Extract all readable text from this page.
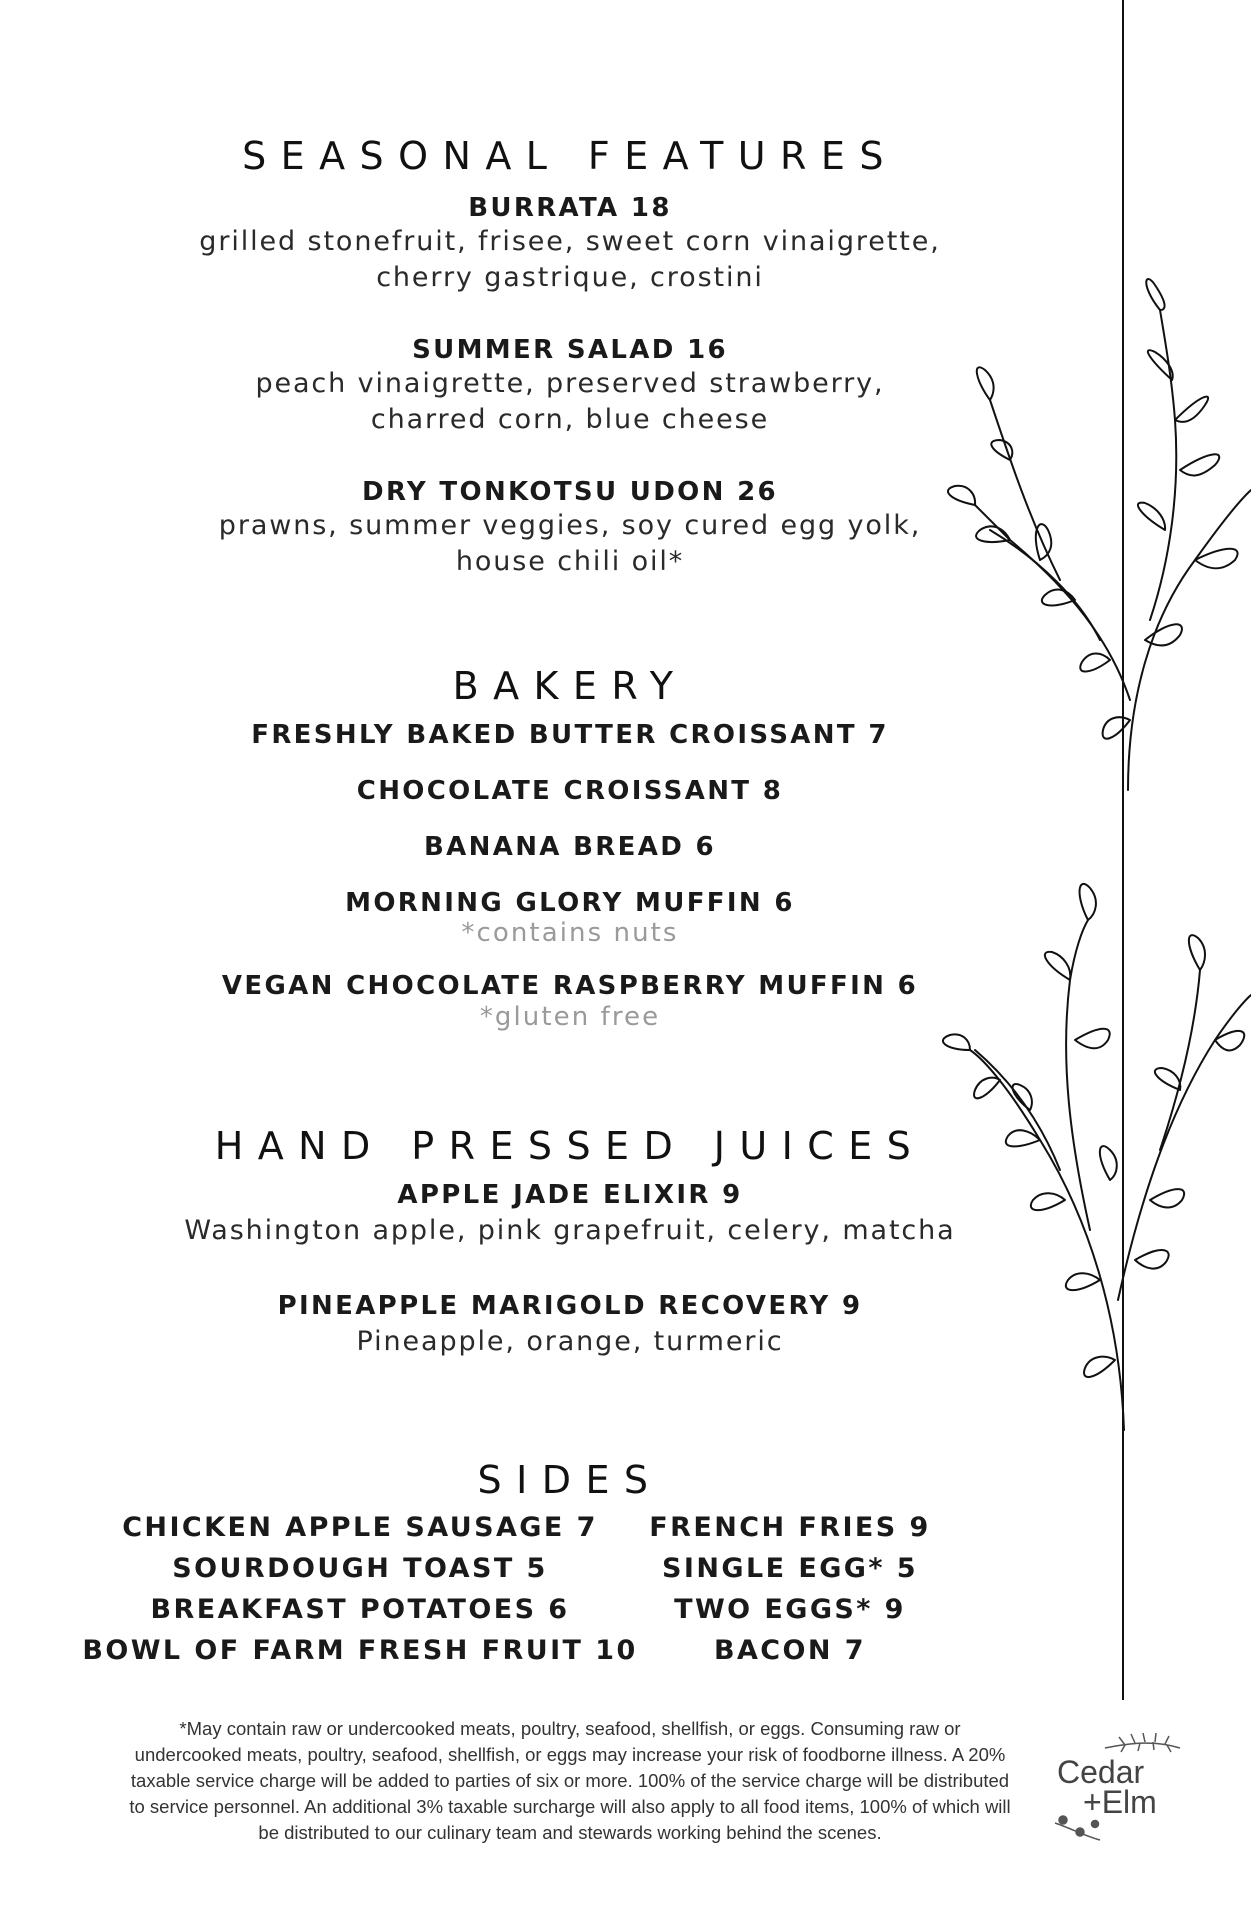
SEASONAL FEATURES
BURRATA 18
grilled stonefruit, frisee, sweet corn vinaigrette,
cherry gastrique, crostini
SUMMER SALAD 16
peach vinaigrette, preserved strawberry,
charred corn, blue cheese
DRY TONKOTSU UDON 26
prawns, summer veggies, soy cured egg yolk,
house chili oil*
BAKERY
FRESHLY BAKED BUTTER CROISSANT 7
CHOCOLATE CROISSANT 8
BANANA BREAD 6
MORNING GLORY MUFFIN 6
*contains nuts
VEGAN CHOCOLATE RASPBERRY MUFFIN 6
*gluten free
HAND PRESSED JUICES
APPLE JADE ELIXIR 9
Washington apple, pink grapefruit, celery, matcha
PINEAPPLE MARIGOLD RECOVERY 9
Pineapple, orange, turmeric
SIDES
CHICKEN APPLE SAUSAGE 7
SOURDOUGH TOAST 5
BREAKFAST POTATOES 6
BOWL OF FARM FRESH FRUIT 10
FRENCH FRIES 9
SINGLE EGG* 5
TWO EGGS* 9
BACON 7
*May contain raw or undercooked meats, poultry, seafood, shellfish, or eggs. Consuming raw or undercooked meats, poultry, seafood, shellfish, or eggs may increase your risk of foodborne illness. A 20% taxable service charge will be added to parties of six or more. 100% of the service charge will be distributed to service personnel. An additional 3% taxable surcharge will also apply to all food items, 100% of which will be distributed to our culinary team and stewards working behind the scenes.
Cedar
+Elm
